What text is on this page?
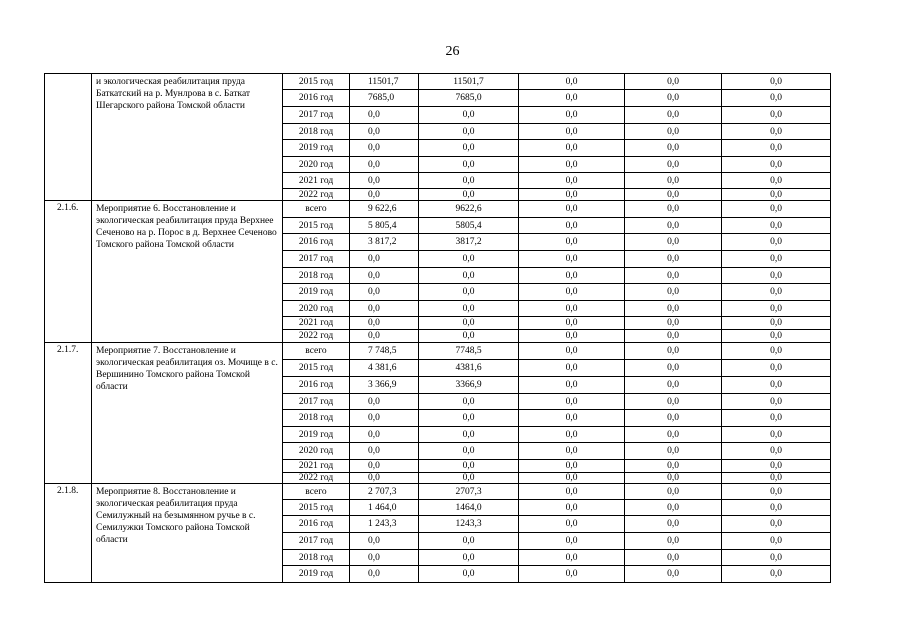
26
	и экологическая реабилитация пруда Баткатский на р. Мунлрова в с. Баткат Шегарского района Томской области	2015 год	11501,7	11501,7	0,0	0,0	0,0
		2016 год	7685,0	7685,0	0,0	0,0	0,0
		2017 год	0,0	0,0	0,0	0,0	0,0
		2018 год	0,0	0,0	0,0	0,0	0,0
		2019 год	0,0	0,0	0,0	0,0	0,0
		2020 год	0,0	0,0	0,0	0,0	0,0
		2021 год	0,0	0,0	0,0	0,0	0,0
		2022 год	0,0	0,0	0,0	0,0	0,0
2.1.6.	Мероприятие 6. Восстановление и экологическая реабилитация пруда Верхнее Сеченово на р. Порос в д. Верхнее Сеченово Томского района Томской области	всего	9 622,6	9622,6	0,0	0,0	0,0
		2015 год	5 805,4	5805,4	0,0	0,0	0,0
		2016 год	3 817,2	3817,2	0,0	0,0	0,0
		2017 год	0,0	0,0	0,0	0,0	0,0
		2018 год	0,0	0,0	0,0	0,0	0,0
		2019 год	0,0	0,0	0,0	0,0	0,0
		2020 год	0,0	0,0	0,0	0,0	0,0
		2021 год	0,0	0,0	0,0	0,0	0,0
		2022 год	0,0	0,0	0,0	0,0	0,0
2.1.7.	Мероприятие 7. Восстановление и экологическая реабилитация оз. Мочище в с. Вершинино Томского района Томской области	всего	7 748,5	7748,5	0,0	0,0	0,0
		2015 год	4 381,6	4381,6	0,0	0,0	0,0
		2016 год	3 366,9	3366,9	0,0	0,0	0,0
		2017 год	0,0	0,0	0,0	0,0	0,0
		2018 год	0,0	0,0	0,0	0,0	0,0
		2019 год	0,0	0,0	0,0	0,0	0,0
		2020 год	0,0	0,0	0,0	0,0	0,0
		2021 год	0,0	0,0	0,0	0,0	0,0
		2022 год	0,0	0,0	0,0	0,0	0,0
2.1.8.	Мероприятие 8. Восстановление и экологическая реабилитация пруда Семилужный на безымянном ручье в с. Семилужки Томского района Томской области	всего	2 707,3	2707,3	0,0	0,0	0,0
		2015 год	1 464,0	1464,0	0,0	0,0	0,0
		2016 год	1 243,3	1243,3	0,0	0,0	0,0
		2017 год	0,0	0,0	0,0	0,0	0,0
		2018 год	0,0	0,0	0,0	0,0	0,0
		2019 год	0,0	0,0	0,0	0,0	0,0
